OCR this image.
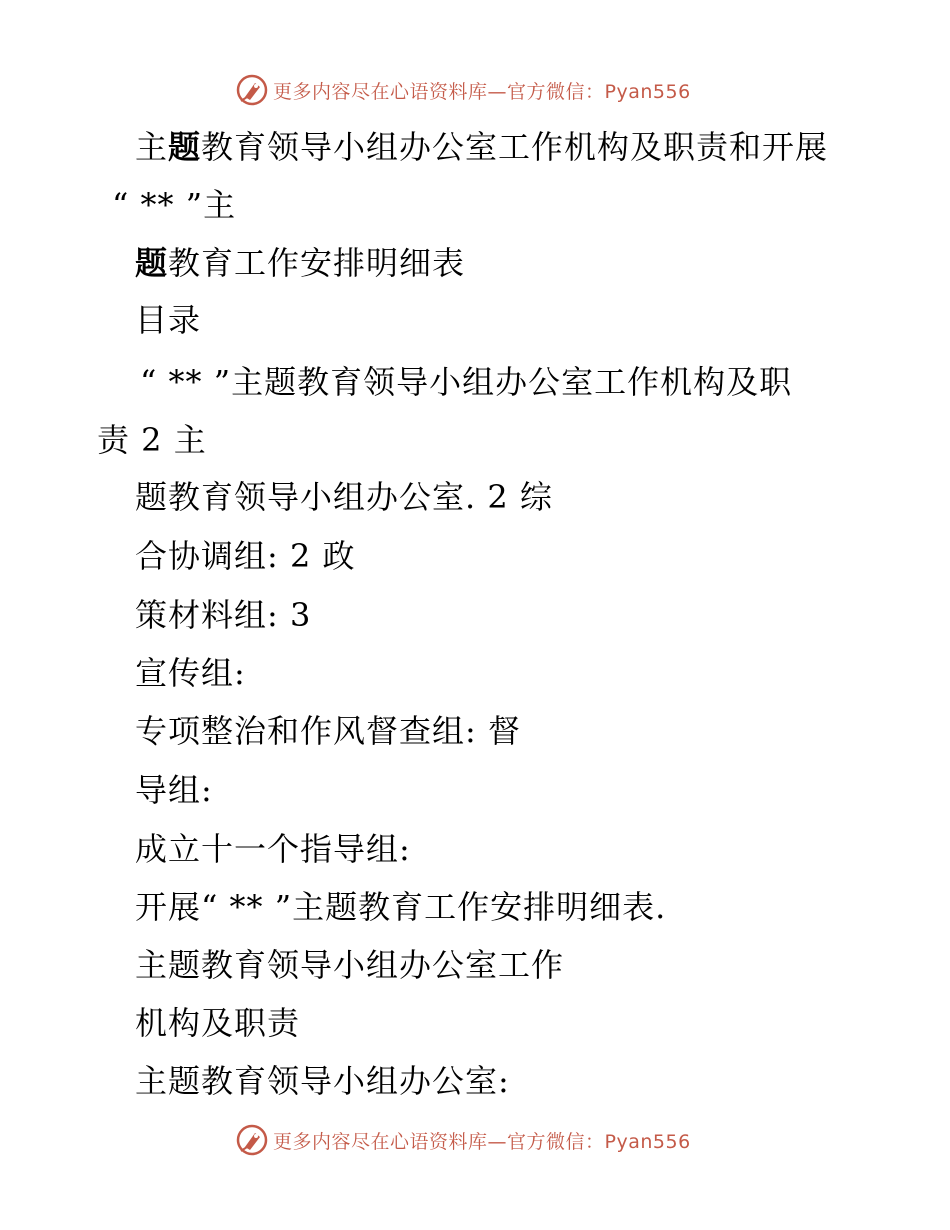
更多内容尽在心语资料库—官方微信：Pyan556
主题教育领导小组办公室工作机构及职责和开展
“ ** ”主
题教育工作安排明细表
目录
“ ** ”主题教育领导小组办公室工作机构及职
责 2 主
题教育领导小组办公室. 2 综
合协调组: 2 政
策材料组: 3
宣传组:
专项整治和作风督查组: 督
导组:
成立十一个指导组:
开展“ ** ”主题教育工作安排明细表.
主题教育领导小组办公室工作
机构及职责
主题教育领导小组办公室:
更多内容尽在心语资料库—官方微信：Pyan556
